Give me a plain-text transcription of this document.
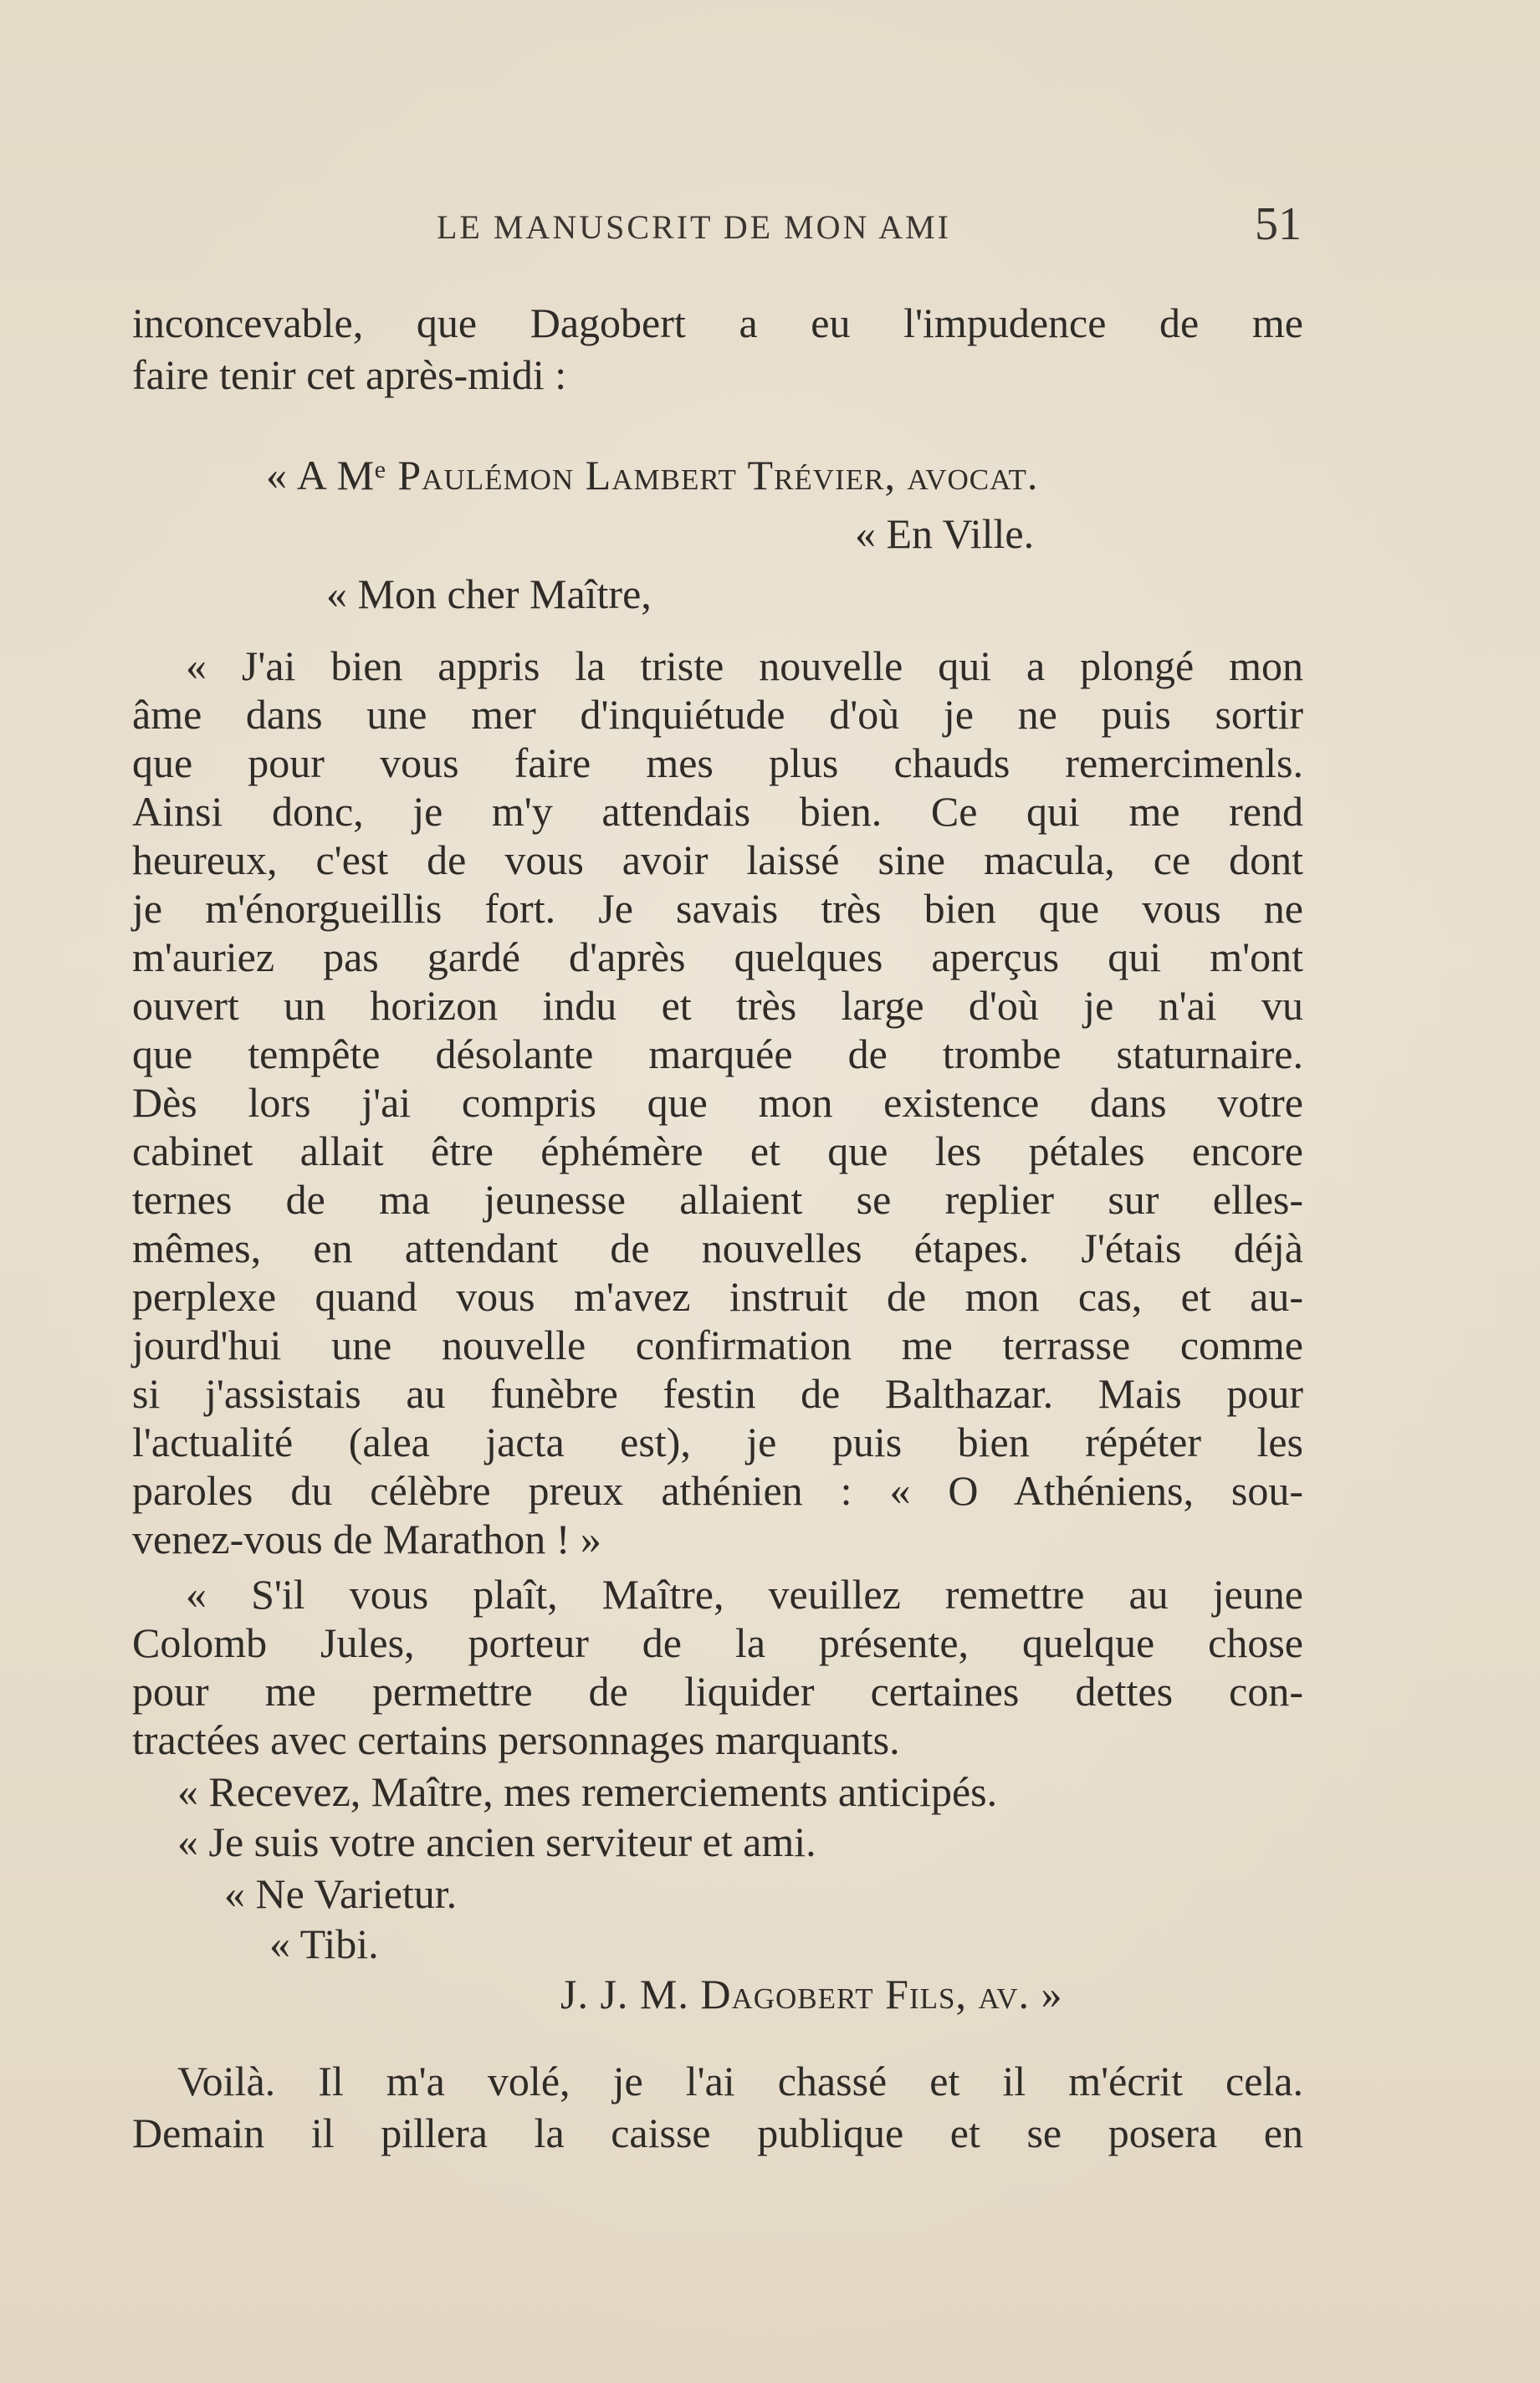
LE MANUSCRIT DE MON AMI	51
inconcevable, que Dagobert a eu l'impudence de me
faire tenir cet après-midi :
« A Mᵉ Paulémon Lambert Trévier, avocat.
« En Ville.
« Mon cher Maître,
« J'ai bien appris la triste nouvelle qui a plongé mon
âme dans une mer d'inquiétude d'où je ne puis sortir
que pour vous faire mes plus chauds remercimenls.
Ainsi donc, je m'y attendais bien. Ce qui me rend
heureux, c'est de vous avoir laissé sine macula, ce dont
je m'énorgueillis fort. Je savais très bien que vous ne
m'auriez pas gardé d'après quelques aperçus qui m'ont
ouvert un horizon indu et très large d'où je n'ai vu
que tempête désolante marquée de trombe staturnaire.
Dès lors j'ai compris que mon existence dans votre
cabinet allait être éphémère et que les pétales encore
ternes de ma jeunesse allaient se replier sur elles-
mêmes, en attendant de nouvelles étapes. J'étais déjà
perplexe quand vous m'avez instruit de mon cas, et au-
jourd'hui une nouvelle confirmation me terrasse comme
si j'assistais au funèbre festin de Balthazar. Mais pour
l'actualité (alea jacta est), je puis bien répéter les
paroles du célèbre preux athénien : « O Athéniens, sou-
venez-vous de Marathon ! »
« S'il vous plaît, Maître, veuillez remettre au jeune
Colomb Jules, porteur de la présente, quelque chose
pour me permettre de liquider certaines dettes con-
tractées avec certains personnages marquants.
« Recevez, Maître, mes remerciements anticipés.
« Je suis votre ancien serviteur et ami.
« Ne Varietur.
« Tibi.
J. J. M. Dagobert Fils, av. »
Voilà. Il m'a volé, je l'ai chassé et il m'écrit cela.
Demain il pillera la caisse publique et se posera en
